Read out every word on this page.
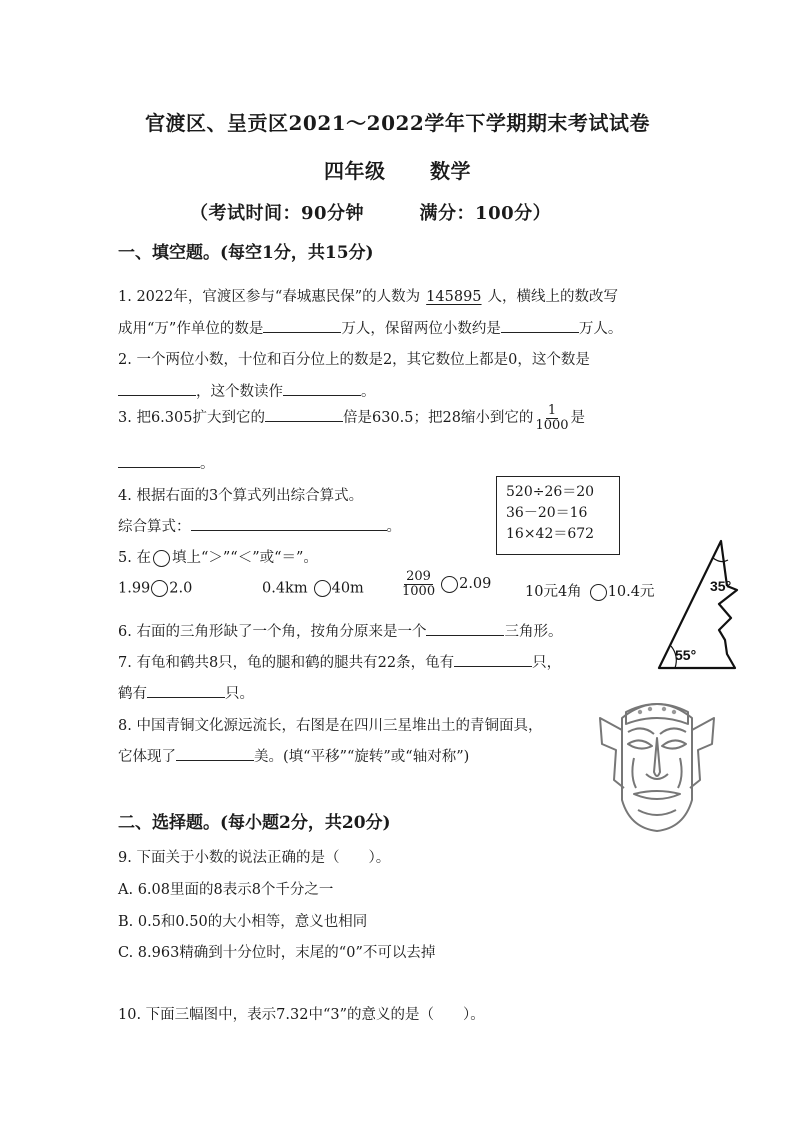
官渡区、呈贡区2021～2022学年下学期期末考试试卷
四年级 数学
（考试时间：90分钟　　　满分：100分）
一、填空题。(每空1分，共15分)
1. 2022年，官渡区参与“春城惠民保”的人数为 145895 人，横线上的数改写
成用“万”作单位的数是	万人，保留两位小数约是	万人。
2. 一个两位小数，十位和百分位上的数是2，其它数位上都是0，这个数是
，这个数读作	。
3. 把6.305扩大到它的	倍是630.5；把28缩小到它的 $\frac{1}{1000}$ 是
。
4. 根据右面的3个算式列出综合算式。
综合算式：	。
520÷26＝20
36－20＝16
16×42＝672
5. 在 填上“＞”“＜”或“＝”。
1.99 2.0	0.4km 40m	$\frac{209}{1000} 2.09$ 10元4角 10.4元
6. 右面的三角形缺了一个角，按角分原来是一个	三角形。
7. 有龟和鹤共8只，龟的腿和鹤的腿共有22条，龟有	只，
鹤有	只。
8. 中国青铜文化源远流长，右图是在四川三星堆出土的青铜面具，
它体现了	美。(填“平移”“旋转”或“轴对称”)
35°
55°
二、选择题。(每小题2分，共20分)
9. 下面关于小数的说法正确的是（　　）。
A. 6.08里面的8表示8个千分之一
B. 0.5和0.50的大小相等，意义也相同
C. 8.963精确到十分位时，末尾的“0”不可以去掉
10. 下面三幅图中，表示7.32中“3”的意义的是（　　）。
